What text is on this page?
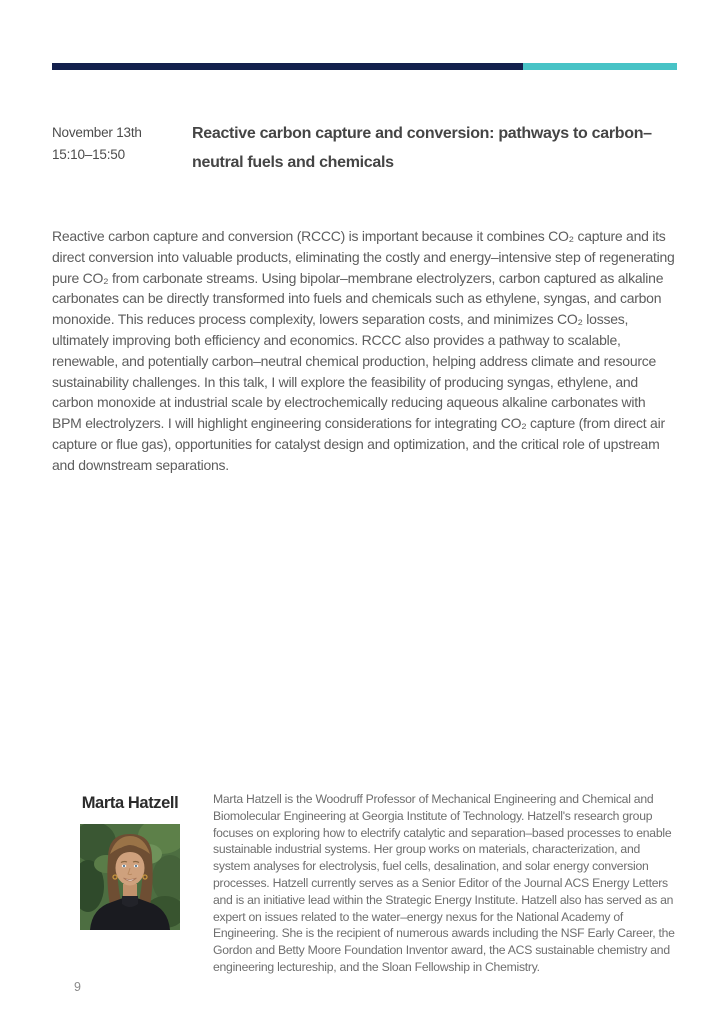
November 13th
15:10–15:50
Reactive carbon capture and conversion: pathways to carbon–neutral fuels and chemicals

Reactive carbon capture and conversion (RCCC) is important because it combines CO₂ capture and its direct conversion into valuable products, eliminating the costly and energy–intensive step of regenerating pure CO₂ from carbonate streams. Using bipolar–membrane electrolyzers, carbon captured as alkaline carbonates can be directly transformed into fuels and chemicals such as ethylene, syngas, and carbon monoxide. This reduces process complexity, lowers separation costs, and minimizes CO₂ losses, ultimately improving both efficiency and economics. RCCC also provides a pathway to scalable, renewable, and potentially carbon–neutral chemical production, helping address climate and resource sustainability challenges. In this talk, I will explore the feasibility of producing syngas, ethylene, and carbon monoxide at industrial scale by electrochemically reducing aqueous alkaline carbonates with BPM electrolyzers. I will highlight engineering considerations for integrating CO₂ capture (from direct air capture or flue gas), opportunities for catalyst design and optimization, and the critical role of upstream and downstream separations.

Marta Hatzell	Marta Hatzell is the Woodruff Professor of Mechanical Engineering and Chemical and Biomolecular Engineering at Georgia Institute of Technology. Hatzell's research group focuses on exploring how to electrify catalytic and separation–based processes to enable sustainable industrial systems. Her group works on materials, characterization, and system analyses for electrolysis, fuel cells, desalination, and solar energy conversion processes. Hatzell currently serves as a Senior Editor of the Journal ACS Energy Letters and is an initiative lead within the Strategic Energy Institute. Hatzell also has served as an expert on issues related to the water–energy nexus for the National Academy of Engineering. She is the recipient of numerous awards including the NSF Early Career, the Gordon and Betty Moore Foundation Inventor award, the ACS sustainable chemistry and engineering lectureship, and the Sloan Fellowship in Chemistry.

9
